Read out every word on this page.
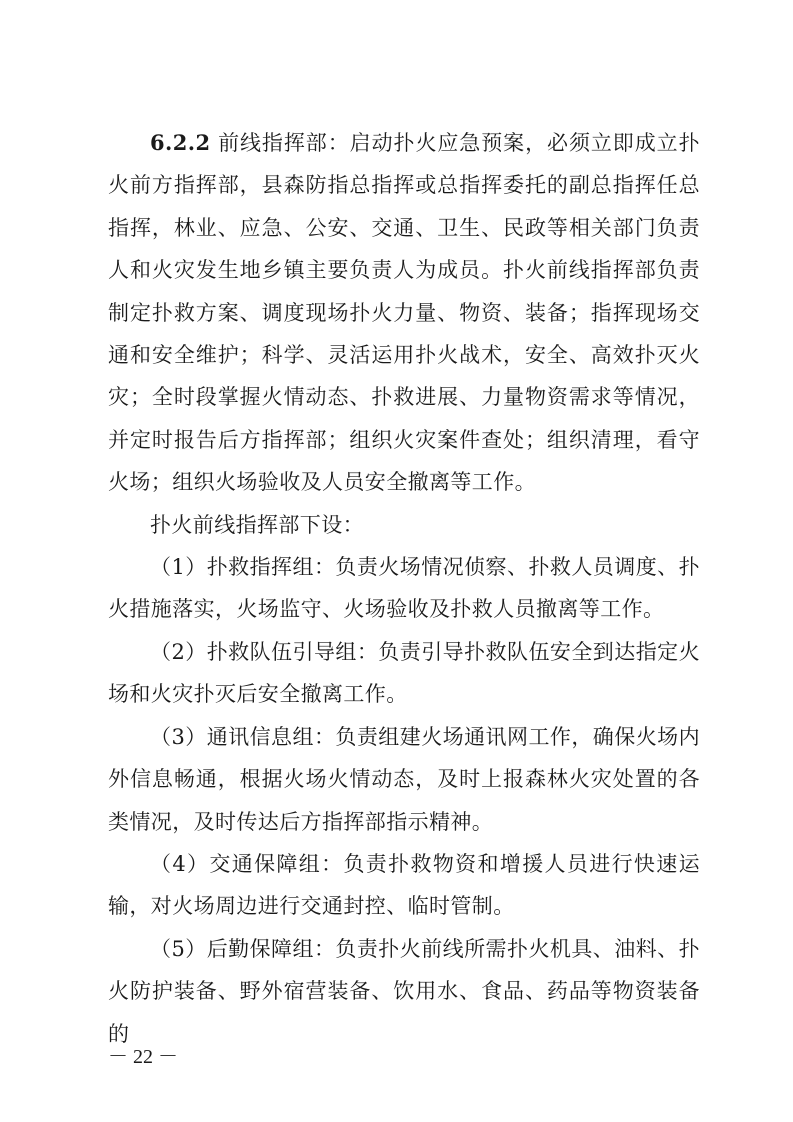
6.2.2 前线指挥部：启动扑火应急预案，必须立即成立扑火前方指挥部，县森防指总指挥或总指挥委托的副总指挥任总指挥，林业、应急、公安、交通、卫生、民政等相关部门负责人和火灾发生地乡镇主要负责人为成员。扑火前线指挥部负责制定扑救方案、调度现场扑火力量、物资、装备；指挥现场交通和安全维护；科学、灵活运用扑火战术，安全、高效扑灭火灾；全时段掌握火情动态、扑救进展、力量物资需求等情况，并定时报告后方指挥部；组织火灾案件查处；组织清理，看守火场；组织火场验收及人员安全撤离等工作。

扑火前线指挥部下设：

（1）扑救指挥组：负责火场情况侦察、扑救人员调度、扑火措施落实，火场监守、火场验收及扑救人员撤离等工作。

（2）扑救队伍引导组：负责引导扑救队伍安全到达指定火场和火灾扑灭后安全撤离工作。

（3）通讯信息组：负责组建火场通讯网工作，确保火场内外信息畅通，根据火场火情动态，及时上报森林火灾处置的各类情况，及时传达后方指挥部指示精神。

（4）交通保障组：负责扑救物资和增援人员进行快速运输，对火场周边进行交通封控、临时管制。

（5）后勤保障组：负责扑火前线所需扑火机具、油料、扑火防护装备、野外宿营装备、饮用水、食品、药品等物资装备的

－ 22 －
